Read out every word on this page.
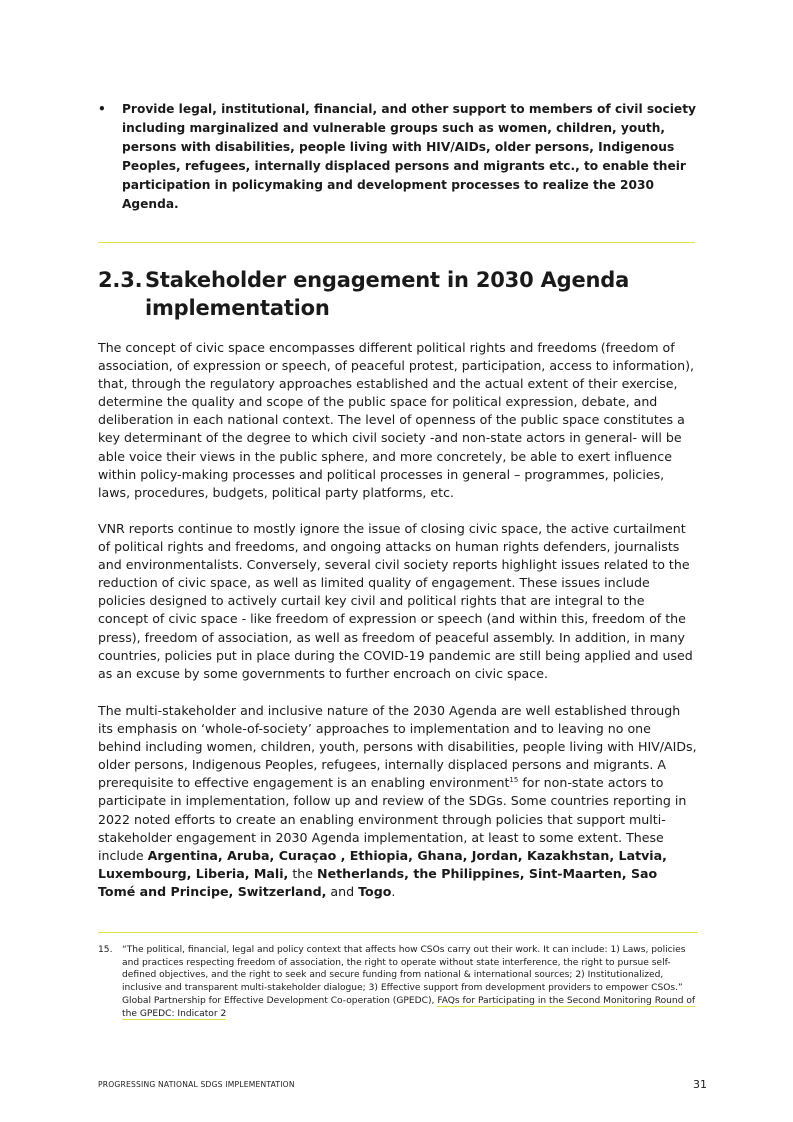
• Provide legal, institutional, financial, and other support to members of civil society including marginalized and vulnerable groups such as women, children, youth, persons with disabilities, people living with HIV/AIDs, older persons, Indigenous Peoples, refugees, internally displaced persons and migrants etc., to enable their participation in policymaking and development processes to realize the 2030 Agenda.
2.3. Stakeholder engagement in 2030 Agenda implementation

The concept of civic space encompasses different political rights and freedoms (freedom of association, of expression or speech, of peaceful protest, participation, access to information), that, through the regulatory approaches established and the actual extent of their exercise, determine the quality and scope of the public space for political expression, debate, and deliberation in each national context. The level of openness of the public space constitutes a key determinant of the degree to which civil society -and non-state actors in general- will be able voice their views in the public sphere, and more concretely, be able to exert influence within policy-making processes and political processes in general – programmes, policies, laws, procedures, budgets, political party platforms, etc.

VNR reports continue to mostly ignore the issue of closing civic space, the active curtailment of political rights and freedoms, and ongoing attacks on human rights defenders, journalists and environmentalists. Conversely, several civil society reports highlight issues related to the reduction of civic space, as well as limited quality of engagement. These issues include policies designed to actively curtail key civil and political rights that are integral to the concept of civic space - like freedom of expression or speech (and within this, freedom of the press), freedom of association, as well as freedom of peaceful assembly. In addition, in many countries, policies put in place during the COVID-19 pandemic are still being applied and used as an excuse by some governments to further encroach on civic space.

The multi-stakeholder and inclusive nature of the 2030 Agenda are well established through its emphasis on ‘whole-of-society’ approaches to implementation and to leaving no one behind including women, children, youth, persons with disabilities, people living with HIV/AIDs, older persons, Indigenous Peoples, refugees, internally displaced persons and migrants. A prerequisite to effective engagement is an enabling environment$^{15}$ for non-state actors to participate in implementation, follow up and review of the SDGs. Some countries reporting in 2022 noted efforts to create an enabling environment through policies that support multi-stakeholder engagement in 2030 Agenda implementation, at least to some extent. These include Argentina, Aruba, Curaçao , Ethiopia, Ghana, Jordan, Kazakhstan, Latvia, Luxembourg, Liberia, Mali, the Netherlands, the Philippines, Sint-Maarten, Sao Tomé and Principe, Switzerland, and Togo.

15. “The political, financial, legal and policy context that affects how CSOs carry out their work. It can include: 1) Laws, policies and practices respecting freedom of association, the right to operate without state interference, the right to pursue self-defined objectives, and the right to seek and secure funding from national & international sources; 2) Institutionalized, inclusive and transparent multi-stakeholder dialogue; 3) Effective support from development providers to empower CSOs.” Global Partnership for Effective Development Co-operation (GPEDC), FAQs for Participating in the Second Monitoring Round of the GPEDC: Indicator 2
PROGRESSING NATIONAL SDGS IMPLEMENTATION	31
